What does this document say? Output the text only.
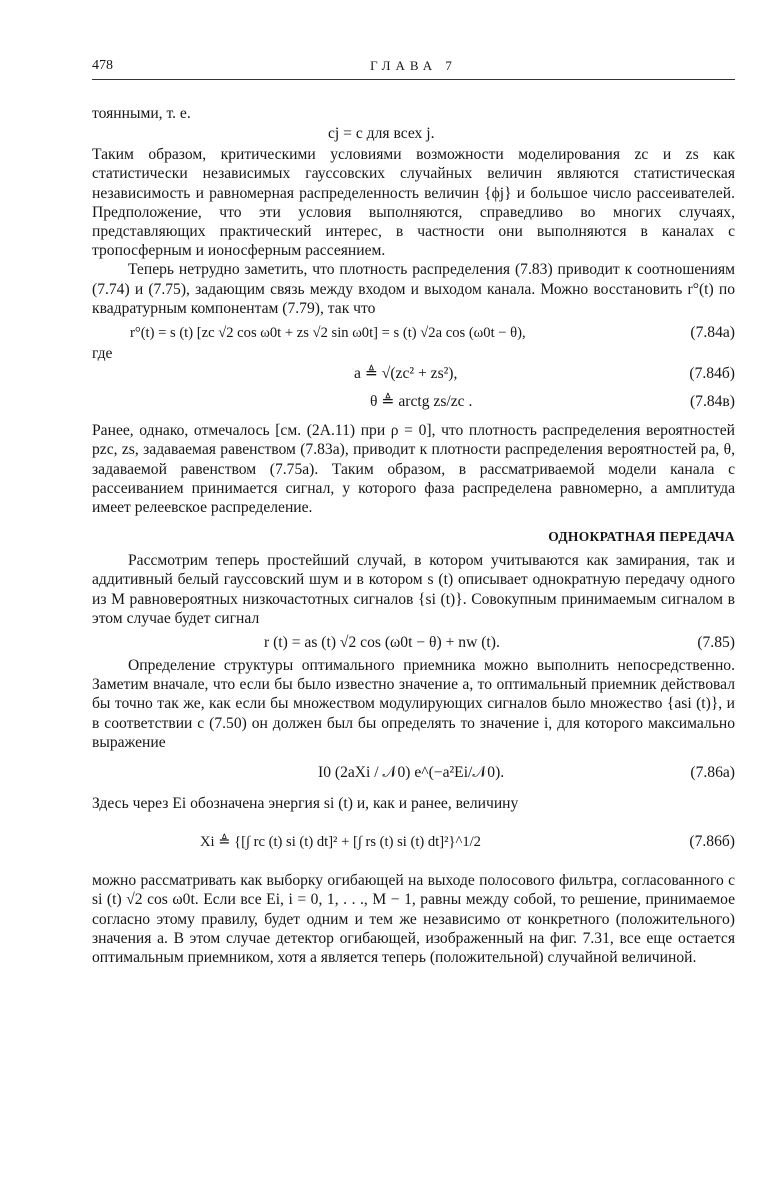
478	ГЛАВА 7

тоянными, т. е.

cj = c для всех j.

Таким образом, критическими условиями возможности моделирования zc и zs как статистически независимых гауссовских случайных величин являются статистическая независимость и равномерная распределенность величин {ϕj} и большое число рассеивателей. Предположение, что эти условия выполняются, справедливо во многих случаях, представляющих практический интерес, в частности они выполняются в каналах с тропосферным и ионосферным рассеянием.

Теперь нетрудно заметить, что плотность распределения (7.83) приводит к соотношениям (7.74) и (7.75), задающим связь между входом и выходом канала. Можно восстановить r°(t) по квадратурным компонентам (7.79), так что

r°(t) = s (t) [zc √2 cos ω0t + zs √2 sin ω0t] = s (t) √2a cos (ω0t − θ),	(7.84а)

где

a ≜ √(zc² + zs²),	(7.84б)
θ ≜ arctg zs/zc .	(7.84в)

Ранее, однако, отмечалось [см. (2А.11) при ρ = 0], что плотность распределения вероятностей pzc, zs, задаваемая равенством (7.83а), приводит к плотности распределения вероятностей pa, θ, задаваемой равенством (7.75а). Таким образом, в рассматриваемой модели канала с рассеиванием принимается сигнал, у которого фаза распределена равномерно, а амплитуда имеет релеевское распределение.

ОДНОКРАТНАЯ ПЕРЕДАЧА

Рассмотрим теперь простейший случай, в котором учитываются как замирания, так и аддитивный белый гауссовский шум и в котором s (t) описывает однократную передачу одного из M равновероятных низкочастотных сигналов {si (t)}. Совокупным принимаемым сигналом в этом случае будет сигнал

r (t) = as (t) √2 cos (ω0t − θ) + nw (t).	(7.85)

Определение структуры оптимального приемника можно выполнить непосредственно. Заметим вначале, что если бы было известно значение a, то оптимальный приемник действовал бы точно так же, как если бы множеством модулирующих сигналов было множество {asi (t)}, и в соответствии с (7.50) он должен был бы определять то значение i, для которого максимально выражение

I0 (2aXi / 𝒩0) e^(−a²Ei/𝒩0).	(7.86а)

Здесь через Ei обозначена энергия si (t) и, как и ранее, величину

Xi ≜ {[∫ rc (t) si (t) dt]² + [∫ rs (t) si (t) dt]²}^1/2	(7.86б)

можно рассматривать как выборку огибающей на выходе полосового фильтра, согласованного с si (t) √2 cos ω0t. Если все Ei, i = 0, 1, . . ., M − 1, равны между собой, то решение, принимаемое согласно этому правилу, будет одним и тем же независимо от конкретного (положительного) значения a. В этом случае детектор огибающей, изображенный на фиг. 7.31, все еще остается оптимальным приемником, хотя a является теперь (положительной) случайной величиной.
